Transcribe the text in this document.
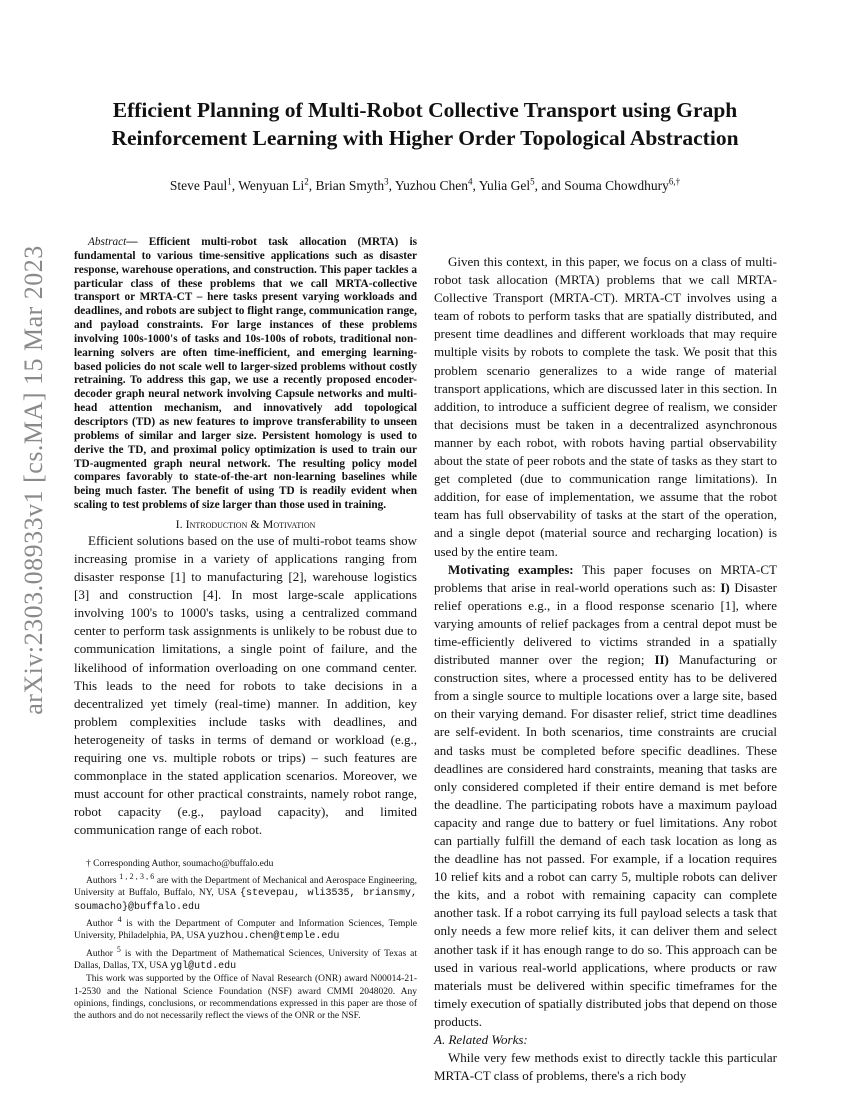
arXiv:2303.08933v1 [cs.MA] 15 Mar 2023
Efficient Planning of Multi-Robot Collective Transport using Graph
Reinforcement Learning with Higher Order Topological Abstraction
Steve Paul$^1$, Wenyuan Li$^2$, Brian Smyth$^3$, Yuzhou Chen$^4$, Yulia Gel$^5$, and Souma Chowdhury$^{6,\dagger}$

Abstract— Efficient multi-robot task allocation (MRTA) is fundamental to various time-sensitive applications such as disaster response, warehouse operations, and construction. This paper tackles a particular class of these problems that we call MRTA-collective transport or MRTA-CT – here tasks present varying workloads and deadlines, and robots are subject to flight range, communication range, and payload constraints. For large instances of these problems involving 100s-1000's of tasks and 10s-100s of robots, traditional non-learning solvers are often time-inefficient, and emerging learning-based policies do not scale well to larger-sized problems without costly retraining. To address this gap, we use a recently proposed encoder-decoder graph neural network involving Capsule networks and multi-head attention mechanism, and innovatively add topological descriptors (TD) as new features to improve transferability to unseen problems of similar and larger size. Persistent homology is used to derive the TD, and proximal policy optimization is used to train our TD-augmented graph neural network. The resulting policy model compares favorably to state-of-the-art non-learning baselines while being much faster. The benefit of using TD is readily evident when scaling to test problems of size larger than those used in training.

I. Introduction & Motivation

Efficient solutions based on the use of multi-robot teams show increasing promise in a variety of applications ranging from disaster response [1] to manufacturing [2], warehouse logistics [3] and construction [4]. In most large-scale applications involving 100's to 1000's tasks, using a centralized command center to perform task assignments is unlikely to be robust due to communication limitations, a single point of failure, and the likelihood of information overloading on one command center. This leads to the need for robots to take decisions in a decentralized yet timely (real-time) manner. In addition, key problem complexities include tasks with deadlines, and heterogeneity of tasks in terms of demand or workload (e.g., requiring one vs. multiple robots or trips) – such features are commonplace in the stated application scenarios. Moreover, we must account for other practical constraints, namely robot range, robot capacity (e.g., payload capacity), and limited communication range of each robot.

† Corresponding Author, soumacho@buffalo.edu

Authors $^{1 , 2 , 3 , 6}$ are with the Department of Mechanical and Aerospace Engineering, University at Buffalo, Buffalo, NY, USA {stevepau, wli3535, briansmy, soumacho}@buffalo.edu

Author $^4$ is with the Department of Computer and Information Sciences, Temple University, Philadelphia, PA, USA yuzhou.chen@temple.edu

Author $^5$ is with the Department of Mathematical Sciences, University of Texas at Dallas, Dallas, TX, USA ygl@utd.edu

This work was supported by the Office of Naval Research (ONR) award N00014-21-1-2530 and the National Science Foundation (NSF) award CMMI 2048020. Any opinions, findings, conclusions, or recommendations expressed in this paper are those of the authors and do not necessarily reflect the views of the ONR or the NSF.

Given this context, in this paper, we focus on a class of multi-robot task allocation (MRTA) problems that we call MRTA-Collective Transport (MRTA-CT). MRTA-CT involves using a team of robots to perform tasks that are spatially distributed, and present time deadlines and different workloads that may require multiple visits by robots to complete the task. We posit that this problem scenario generalizes to a wide range of material transport applications, which are discussed later in this section. In addition, to introduce a sufficient degree of realism, we consider that decisions must be taken in a decentralized asynchronous manner by each robot, with robots having partial observability about the state of peer robots and the state of tasks as they start to get completed (due to communication range limitations). In addition, for ease of implementation, we assume that the robot team has full observability of tasks at the start of the operation, and a single depot (material source and recharging location) is used by the entire team.

Motivating examples: This paper focuses on MRTA-CT problems that arise in real-world operations such as: I) Disaster relief operations e.g., in a flood response scenario [1], where varying amounts of relief packages from a central depot must be time-efficiently delivered to victims stranded in a spatially distributed manner over the region; II) Manufacturing or construction sites, where a processed entity has to be delivered from a single source to multiple locations over a large site, based on their varying demand. For disaster relief, strict time deadlines are self-evident. In both scenarios, time constraints are crucial and tasks must be completed before specific deadlines. These deadlines are considered hard constraints, meaning that tasks are only considered completed if their entire demand is met before the deadline. The participating robots have a maximum payload capacity and range due to battery or fuel limitations. Any robot can partially fulfill the demand of each task location as long as the deadline has not passed. For example, if a location requires 10 relief kits and a robot can carry 5, multiple robots can deliver the kits, and a robot with remaining capacity can complete another task. If a robot carrying its full payload selects a task that only needs a few more relief kits, it can deliver them and select another task if it has enough range to do so. This approach can be used in various real-world applications, where products or raw materials must be delivered within specific timeframes for the timely execution of spatially distributed jobs that depend on those products.

A. Related Works:

While very few methods exist to directly tackle this particular MRTA-CT class of problems, there's a rich body
